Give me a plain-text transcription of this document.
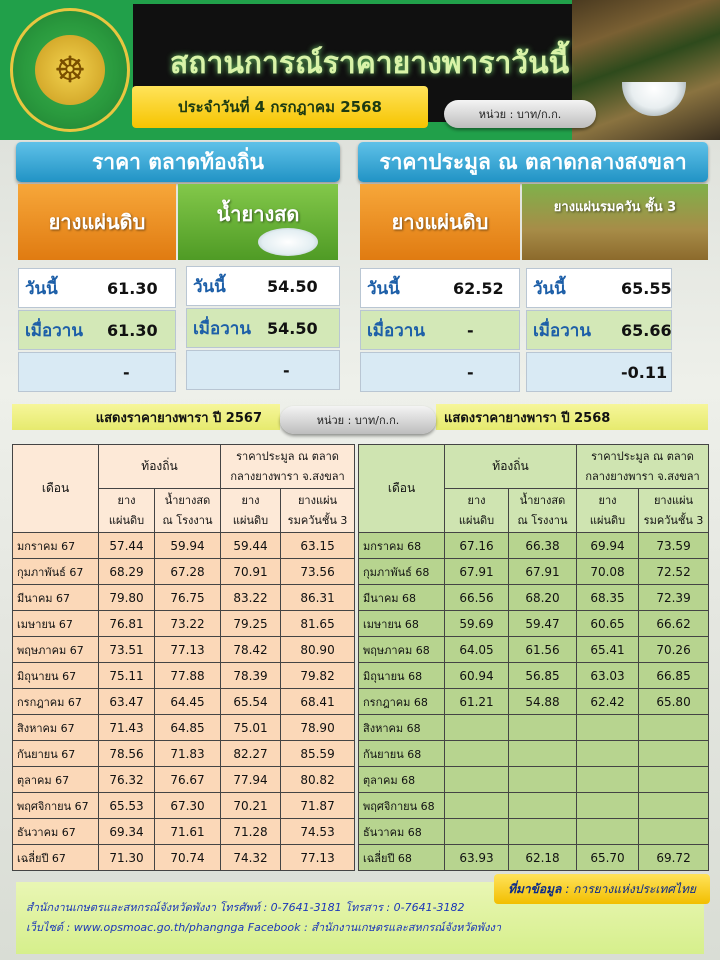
☸	สถานการณ์ราคายางพาราวันนี้
ประจำวันที่ 4 กรกฎาคม 2568	หน่วย : บาท/ก.ก.
ราคา ตลาดท้องถิ่น	ราคาประมูล ณ ตลาดกลางสงขลา
ยางแผ่นดิบ	น้ำยางสด	ยางแผ่นดิบ
ยางแผ่นรมควัน ชั้น 3
วันนี้	61.30
เมื่อวาน 61.30
-
วันนี้	54.50
เมื่อวาน 54.50
-
วันนี้	62.52
เมื่อวาน	-
-
วันนี้	65.55
เมื่อวาน 65.66
-0.11
แสดงราคายางพารา ปี 2567	แสดงราคายางพารา ปี 2568
หน่วย : บาท/ก.ก.
เดือน	ท้องถิ่น		ราคาประมูล ณ ตลาด
กลางยางพารา จ.สงขลา	
	ยาง
แผ่นดิบ	น้ำยางสด
ณ โรงงาน	ยาง
แผ่นดิบ	ยางแผ่น
รมควันชั้น 3
มกราคม 67	57.44	59.94	59.44	63.15
กุมภาพันธ์ 67	68.29	67.28	70.91	73.56
มีนาคม 67	79.80	76.75	83.22	86.31
เมษายน 67	76.81	73.22	79.25	81.65
พฤษภาคม 67	73.51	77.13	78.42	80.90
มิถุนายน 67	75.11	77.88	78.39	79.82
กรกฎาคม 67	63.47	64.45	65.54	68.41
สิงหาคม 67	71.43	64.85	75.01	78.90
กันยายน 67	78.56	71.83	82.27	85.59
ตุลาคม 67	76.32	76.67	77.94	80.82
พฤศจิกายน 67	65.53	67.30	70.21	71.87
ธันวาคม 67	69.34	71.61	71.28	74.53
เฉลี่ยปี 67	71.30	70.74	74.32	77.13
เดือน	ท้องถิ่น		ราคาประมูล ณ ตลาด
กลางยางพารา จ.สงขลา	
	ยาง
แผ่นดิบ	น้ำยางสด
ณ โรงงาน	ยาง
แผ่นดิบ	ยางแผ่น
รมควันชั้น 3
มกราคม 68	67.16	66.38	69.94	73.59
กุมภาพันธ์ 68	67.91	67.91	70.08	72.52
มีนาคม 68	66.56	68.20	68.35	72.39
เมษายน 68	59.69	59.47	60.65	66.62
พฤษภาคม 68	64.05	61.56	65.41	70.26
มิถุนายน 68	60.94	56.85	63.03	66.85
กรกฎาคม 68	61.21	54.88	62.42	65.80
สิงหาคม 68				
กันยายน 68				
ตุลาคม 68				
พฤศจิกายน 68				
ธันวาคม 68				
เฉลี่ยปี 68	63.93	62.18	65.70	69.72
ที่มาข้อมูล : การยางแห่งประเทศไทย
สำนักงานเกษตรและสหกรณ์จังหวัดพังงา โทรศัพท์ : 0-7641-3181 โทรสาร : 0-7641-3182
เว็บไซต์ : www.opsmoac.go.th/phangnga Facebook : สำนักงานเกษตรและสหกรณ์จังหวัดพังงา
